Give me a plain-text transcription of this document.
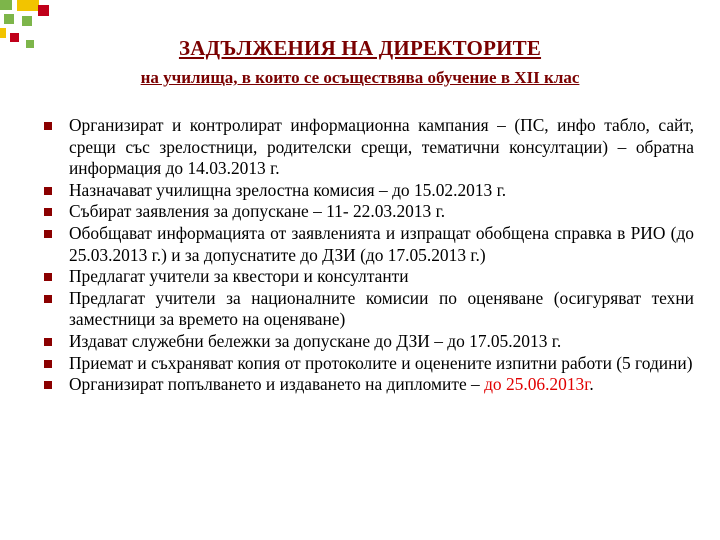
ЗАДЪЛЖЕНИЯ НА ДИРЕКТОРИТЕ
на училища, в които се осъществява обучение в XII клас
Организират и контролират информационна кампания – (ПС, инфо табло, сайт, срещи със зрелостници, родителски срещи, тематични консултации) – обратна информация до 14.03.2013 г.
Назначават училищна зрелостна комисия – до 15.02.2013 г.
Събират заявления за допускане – 11- 22.03.2013 г.
Обобщават информацията от заявленията и изпращат обобщена справка в РИО (до 25.03.2013 г.) и за допуснатите до ДЗИ (до 17.05.2013 г.)
Предлагат учители за квестори и консултанти
Предлагат учители за националните комисии по оценяване (осигуряват техни заместници за времето на оценяване)
Издават служебни бележки за допускане до ДЗИ – до 17.05.2013 г.
Приемат и съхраняват копия от протоколите и оценените изпитни работи (5 години)
Организират попълването и издаването на дипломите – до 25.06.2013г.
